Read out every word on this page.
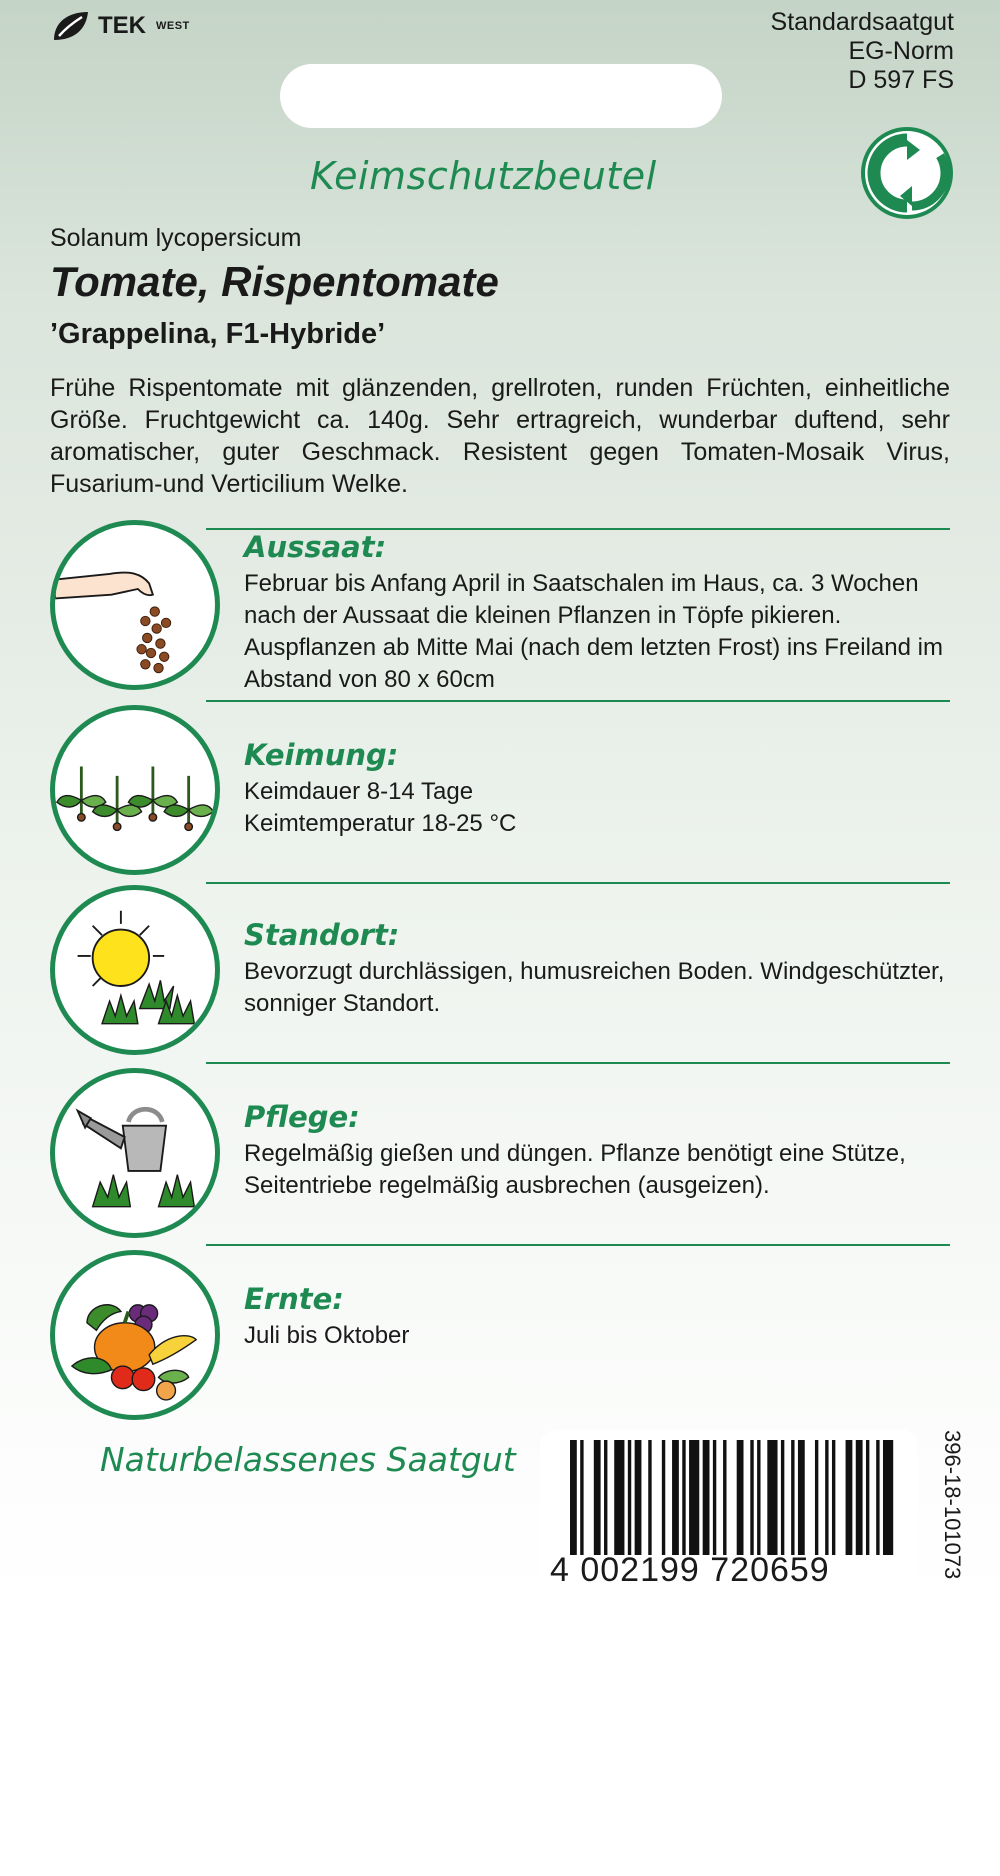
TEK WEST	Standardsaatgut
EG-Norm
D 597 FS
Keimschutzbeutel
Solanum lycopersicum
Tomate, Rispentomate
’Grappelina, F1-Hybride’
Frühe Rispentomate mit glänzenden, grellroten, runden Früchten, einheitliche Größe. Fruchtgewicht ca. 140g. Sehr ertragreich, wunderbar duftend, sehr aromatischer, guter Geschmack. Resistent gegen Tomaten-Mosaik Virus, Fusarium-und Verticilium Welke.
Aussaat:
Februar bis Anfang April in Saatschalen im Haus, ca. 3 Wochen nach der Aussaat die kleinen Pflanzen in Töpfe pikieren. Auspflanzen ab Mitte Mai (nach dem letzten Frost) ins Freiland im Abstand von 80 x 60cm
Keimung:
Keimdauer 8-14 Tage
Keimtemperatur 18-25 °C
Standort:
Bevorzugt durchlässigen, humusreichen Boden. Windgeschützter, sonniger Standort.
Pflege:
Regelmäßig gießen und düngen. Pflanze benötigt eine Stütze, Seitentriebe regelmäßig ausbrechen (ausgeizen).
Ernte:
Juli bis Oktober
Naturbelassenes Saatgut
4 002199 720659	396-18-101073
